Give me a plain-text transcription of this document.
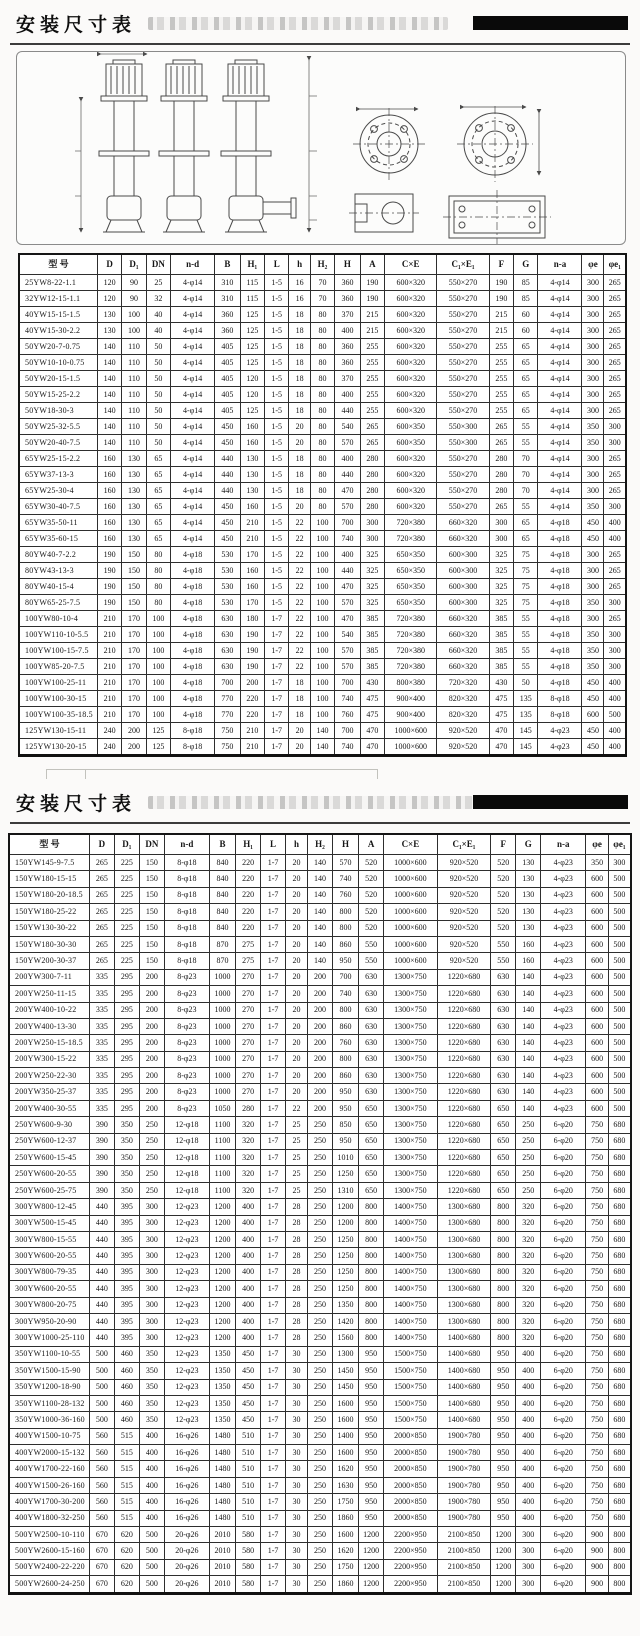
安装尺寸表
型 号	D	D₁	DN	n-d	B	H₁	L	h	H₂	H	A	C×E	C₁×E₁	F	G	n-a	φe	φe₁
25YW8-22-1.1	120	90	25	4-φ14	310	115	1-5	16	70	360	190	600×320	550×270	190	85	4-φ14	300	265
32YW12-15-1.1	120	90	32	4-φ14	310	115	1-5	16	70	360	190	600×320	550×270	190	85	4-φ14	300	265
40YW15-15-1.5	130	100	40	4-φ14	360	125	1-5	18	80	370	215	600×320	550×270	215	60	4-φ14	300	265
40YW15-30-2.2	130	100	40	4-φ14	360	125	1-5	18	80	400	215	600×320	550×270	215	60	4-φ14	300	265
50YW20-7-0.75	140	110	50	4-φ14	405	125	1-5	18	80	360	255	600×320	550×270	255	65	4-φ14	300	265
50YW10-10-0.75	140	110	50	4-φ14	405	125	1-5	18	80	360	255	600×320	550×270	255	65	4-φ14	300	265
50YW20-15-1.5	140	110	50	4-φ14	405	120	1-5	18	80	370	255	600×320	550×270	255	65	4-φ14	300	265
50YW15-25-2.2	140	110	50	4-φ14	405	120	1-5	18	80	400	255	600×320	550×270	255	65	4-φ14	300	265
50YW18-30-3	140	110	50	4-φ14	405	125	1-5	18	80	440	255	600×320	550×270	255	65	4-φ14	300	265
50YW25-32-5.5	140	110	50	4-φ14	450	160	1-5	20	80	540	265	600×350	550×300	265	55	4-φ14	350	300
50YW20-40-7.5	140	110	50	4-φ14	450	160	1-5	20	80	570	265	600×350	550×300	265	55	4-φ14	350	300
65YW25-15-2.2	160	130	65	4-φ14	440	130	1-5	18	80	400	280	600×320	550×270	280	70	4-φ14	300	265
65YW37-13-3	160	130	65	4-φ14	440	130	1-5	18	80	440	280	600×320	550×270	280	70	4-φ14	300	265
65YW25-30-4	160	130	65	4-φ14	440	130	1-5	18	80	470	280	600×320	550×270	280	70	4-φ14	300	265
65YW30-40-7.5	160	130	65	4-φ14	450	160	1-5	20	80	570	280	600×320	550×270	265	55	4-φ14	350	300
65YW35-50-11	160	130	65	4-φ14	450	210	1-5	22	100	700	300	720×380	660×320	300	65	4-φ18	450	400
65YW35-60-15	160	130	65	4-φ14	450	210	1-5	22	100	740	300	720×380	660×320	300	65	4-φ18	450	400
80YW40-7-2.2	190	150	80	4-φ18	530	170	1-5	22	100	400	325	650×350	600×300	325	75	4-φ18	300	265
80YW43-13-3	190	150	80	4-φ18	530	160	1-5	22	100	440	325	650×350	600×300	325	75	4-φ18	300	265
80YW40-15-4	190	150	80	4-φ18	530	160	1-5	22	100	470	325	650×350	600×300	325	75	4-φ18	300	265
80YW65-25-7.5	190	150	80	4-φ18	530	170	1-5	22	100	570	325	650×350	600×300	325	75	4-φ18	350	300
100YW80-10-4	210	170	100	4-φ18	630	180	1-7	22	100	470	385	720×380	660×320	385	55	4-φ18	300	265
100YW110-10-5.5	210	170	100	4-φ18	630	190	1-7	22	100	540	385	720×380	660×320	385	55	4-φ18	350	300
100YW100-15-7.5	210	170	100	4-φ18	630	190	1-7	22	100	570	385	720×380	660×320	385	55	4-φ18	350	300
100YW85-20-7.5	210	170	100	4-φ18	630	190	1-7	22	100	570	385	720×380	660×320	385	55	4-φ18	350	300
100YW100-25-11	210	170	100	4-φ18	700	200	1-7	18	100	700	430	800×380	720×320	430	50	4-φ18	450	400
100YW100-30-15	210	170	100	4-φ18	770	220	1-7	18	100	740	475	900×400	820×320	475	135	8-φ18	450	400
100YW100-35-18.5	210	170	100	4-φ18	770	220	1-7	18	100	760	475	900×400	820×320	475	135	8-φ18	600	500
125YW130-15-11	240	200	125	8-φ18	750	210	1-7	20	140	700	470	1000×600	920×520	470	145	4-φ23	450	400
125YW130-20-15	240	200	125	8-φ18	750	210	1-7	20	140	740	470	1000×600	920×520	470	145	4-φ23	450	400
安装尺寸表
型 号	D	D₁	DN	n-d	B	H₁	L	h	H₂	H	A	C×E	C₁×E₁	F	G	n-a	φe	φe₁
150YW145-9-7.5	265	225	150	8-φ18	840	220	1-7	20	140	570	520	1000×600	920×520	520	130	4-φ23	350	300
150YW180-15-15	265	225	150	8-φ18	840	220	1-7	20	140	740	520	1000×600	920×520	520	130	4-φ23	600	500
150YW180-20-18.5	265	225	150	8-φ18	840	220	1-7	20	140	760	520	1000×600	920×520	520	130	4-φ23	600	500
150YW180-25-22	265	225	150	8-φ18	840	220	1-7	20	140	800	520	1000×600	920×520	520	130	4-φ23	600	500
150YW130-30-22	265	225	150	8-φ18	840	220	1-7	20	140	800	520	1000×600	920×520	520	130	4-φ23	600	500
150YW180-30-30	265	225	150	8-φ18	870	275	1-7	20	140	860	550	1000×600	920×520	550	160	4-φ23	600	500
150YW200-30-37	265	225	150	8-φ18	870	275	1-7	20	140	950	550	1000×600	920×520	550	160	4-φ23	600	500
200YW300-7-11	335	295	200	8-φ23	1000	270	1-7	20	200	700	630	1300×750	1220×680	630	140	4-φ23	600	500
200YW250-11-15	335	295	200	8-φ23	1000	270	1-7	20	200	740	630	1300×750	1220×680	630	140	4-φ23	600	500
200YW400-10-22	335	295	200	8-φ23	1000	270	1-7	20	200	800	630	1300×750	1220×680	630	140	4-φ23	600	500
200YW400-13-30	335	295	200	8-φ23	1000	270	1-7	20	200	860	630	1300×750	1220×680	630	140	4-φ23	600	500
200YW250-15-18.5	335	295	200	8-φ23	1000	270	1-7	20	200	760	630	1300×750	1220×680	630	140	4-φ23	600	500
200YW300-15-22	335	295	200	8-φ23	1000	270	1-7	20	200	800	630	1300×750	1220×680	630	140	4-φ23	600	500
200YW250-22-30	335	295	200	8-φ23	1000	270	1-7	20	200	860	630	1300×750	1220×680	630	140	4-φ23	600	500
200YW350-25-37	335	295	200	8-φ23	1000	270	1-7	20	200	950	630	1300×750	1220×680	630	140	4-φ23	600	500
200YW400-30-55	335	295	200	8-φ23	1050	280	1-7	22	200	950	650	1300×750	1220×680	650	140	4-φ23	600	500
250YW600-9-30	390	350	250	12-φ18	1100	320	1-7	25	250	850	650	1300×750	1220×680	650	250	6-φ20	750	680
250YW600-12-37	390	350	250	12-φ18	1100	320	1-7	25	250	950	650	1300×750	1220×680	650	250	6-φ20	750	680
250YW600-15-45	390	350	250	12-φ18	1100	320	1-7	25	250	1010	650	1300×750	1220×680	650	250	6-φ20	750	680
250YW600-20-55	390	350	250	12-φ18	1100	320	1-7	25	250	1250	650	1300×750	1220×680	650	250	6-φ20	750	680
250YW600-25-75	390	350	250	12-φ18	1100	320	1-7	25	250	1310	650	1300×750	1220×680	650	250	6-φ20	750	680
300YW800-12-45	440	395	300	12-φ23	1200	400	1-7	28	250	1200	800	1400×750	1300×680	800	320	6-φ20	750	680
300YW500-15-45	440	395	300	12-φ23	1200	400	1-7	28	250	1200	800	1400×750	1300×680	800	320	6-φ20	750	680
300YW800-15-55	440	395	300	12-φ23	1200	400	1-7	28	250	1250	800	1400×750	1300×680	800	320	6-φ20	750	680
300YW600-20-55	440	395	300	12-φ23	1200	400	1-7	28	250	1250	800	1400×750	1300×680	800	320	6-φ20	750	680
300YW800-79-35	440	395	300	12-φ23	1200	400	1-7	28	250	1250	800	1400×750	1300×680	800	320	6-φ20	750	680
300YW600-20-55	440	395	300	12-φ23	1200	400	1-7	28	250	1250	800	1400×750	1300×680	800	320	6-φ20	750	680
300YW800-20-75	440	395	300	12-φ23	1200	400	1-7	28	250	1350	800	1400×750	1300×680	800	320	6-φ20	750	680
300YW950-20-90	440	395	300	12-φ23	1200	400	1-7	28	250	1420	800	1400×750	1300×680	800	320	6-φ20	750	680
300YW1000-25-110	440	395	300	12-φ23	1200	400	1-7	28	250	1560	800	1400×750	1400×680	800	320	6-φ20	750	680
350YW1100-10-55	500	460	350	12-φ23	1350	450	1-7	30	250	1300	950	1500×750	1400×680	950	400	6-φ20	750	680
350YW1500-15-90	500	460	350	12-φ23	1350	450	1-7	30	250	1450	950	1500×750	1400×680	950	400	6-φ20	750	680
350YW1200-18-90	500	460	350	12-φ23	1350	450	1-7	30	250	1450	950	1500×750	1400×680	950	400	6-φ20	750	680
350YW1100-28-132	500	460	350	12-φ23	1350	450	1-7	30	250	1600	950	1500×750	1400×680	950	400	6-φ20	750	680
350YW1000-36-160	500	460	350	12-φ23	1350	450	1-7	30	250	1600	950	1500×750	1400×680	950	400	6-φ20	750	680
400YW1500-10-75	560	515	400	16-φ26	1480	510	1-7	30	250	1400	950	2000×850	1900×780	950	400	6-φ20	750	680
400YW2000-15-132	560	515	400	16-φ26	1480	510	1-7	30	250	1600	950	2000×850	1900×780	950	400	6-φ20	750	680
400YW1700-22-160	560	515	400	16-φ26	1480	510	1-7	30	250	1620	950	2000×850	1900×780	950	400	6-φ20	750	680
400YW1500-26-160	560	515	400	16-φ26	1480	510	1-7	30	250	1630	950	2000×850	1900×780	950	400	6-φ20	750	680
400YW1700-30-200	560	515	400	16-φ26	1480	510	1-7	30	250	1750	950	2000×850	1900×780	950	400	6-φ20	750	680
400YW1800-32-250	560	515	400	16-φ26	1480	510	1-7	30	250	1860	950	2000×850	1900×780	950	400	6-φ20	750	680
500YW2500-10-110	670	620	500	20-φ26	2010	580	1-7	30	250	1600	1200	2200×950	2100×850	1200	300	6-φ20	900	800
500YW2600-15-160	670	620	500	20-φ26	2010	580	1-7	30	250	1620	1200	2200×950	2100×850	1200	300	6-φ20	900	800
500YW2400-22-220	670	620	500	20-φ26	2010	580	1-7	30	250	1750	1200	2200×950	2100×850	1200	300	6-φ20	900	800
500YW2600-24-250	670	620	500	20-φ26	2010	580	1-7	30	250	1860	1200	2200×950	2100×850	1200	300	6-φ20	900	800
